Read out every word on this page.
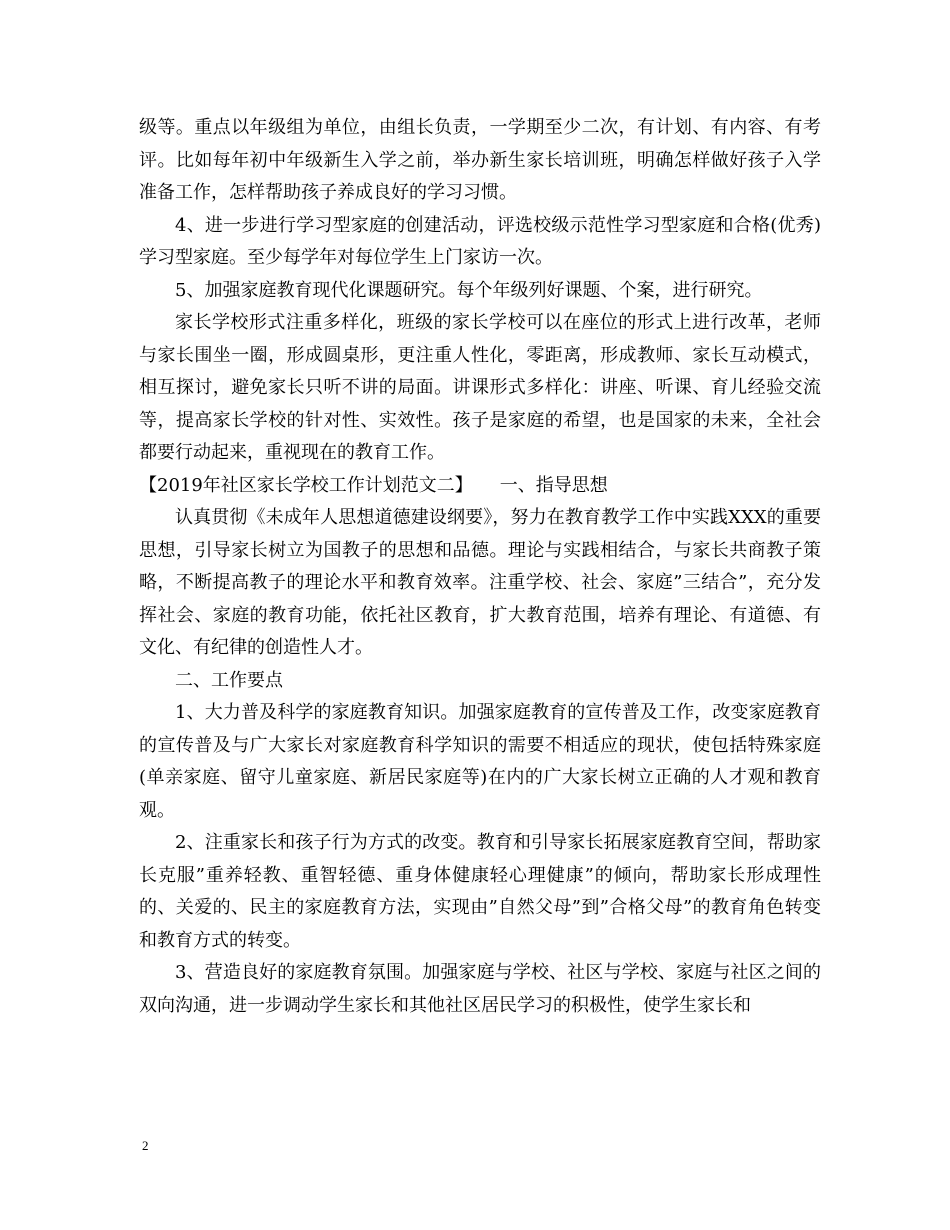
级等。重点以年级组为单位，由组长负责，一学期至少二次，有计划、有内容、有考评。比如每年初中年级新生入学之前，举办新生家长培训班，明确怎样做好孩子入学准备工作，怎样帮助孩子养成良好的学习习惯。

4、进一步进行学习型家庭的创建活动，评选校级示范性学习型家庭和合格(优秀)学习型家庭。至少每学年对每位学生上门家访一次。

5、加强家庭教育现代化课题研究。每个年级列好课题、个案，进行研究。

家长学校形式注重多样化，班级的家长学校可以在座位的形式上进行改革，老师与家长围坐一圈，形成圆桌形，更注重人性化，零距离，形成教师、家长互动模式，相互探讨，避免家长只听不讲的局面。讲课形式多样化：讲座、听课、育儿经验交流等，提高家长学校的针对性、实效性。孩子是家庭的希望，也是国家的未来，全社会都要行动起来，重视现在的教育工作。

【2019年社区家长学校工作计划范文二】　　一、指导思想

认真贯彻《未成年人思想道德建设纲要》，努力在教育教学工作中实践XXX的重要思想，引导家长树立为国教子的思想和品德。理论与实践相结合，与家长共商教子策略，不断提高教子的理论水平和教育效率。注重学校、社会、家庭”三结合”，充分发挥社会、家庭的教育功能，依托社区教育，扩大教育范围，培养有理论、有道德、有文化、有纪律的创造性人才。

二、工作要点

1、大力普及科学的家庭教育知识。加强家庭教育的宣传普及工作，改变家庭教育的宣传普及与广大家长对家庭教育科学知识的需要不相适应的现状，使包括特殊家庭(单亲家庭、留守儿童家庭、新居民家庭等)在内的广大家长树立正确的人才观和教育观。

2、注重家长和孩子行为方式的改变。教育和引导家长拓展家庭教育空间，帮助家长克服”重养轻教、重智轻德、重身体健康轻心理健康”的倾向，帮助家长形成理性的、关爱的、民主的家庭教育方法，实现由”自然父母”到”合格父母”的教育角色转变和教育方式的转变。

3、营造良好的家庭教育氛围。加强家庭与学校、社区与学校、家庭与社区之间的双向沟通，进一步调动学生家长和其他社区居民学习的积极性，使学生家长和

2
